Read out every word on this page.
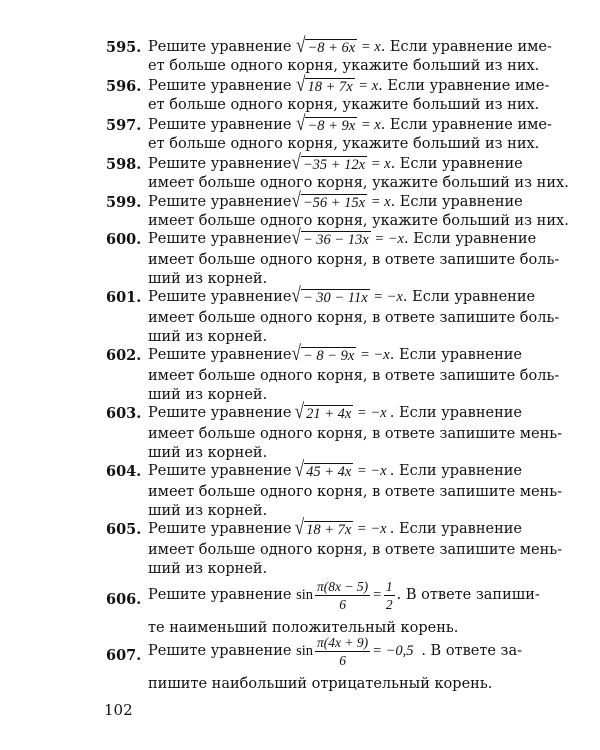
595. Решите уравнение √ −8 + 6x = x. Если уравнение име-
ет больше одного корня, укажите больший из них.
596. Решите уравнение √ 18 + 7x = x. Если уравнение име-
ет больше одного корня, укажите больший из них.
597. Решите уравнение √ −8 + 9x = x. Если уравнение име-
ет больше одного корня, укажите больший из них.
598. Решите уравнение √ −35 + 12x = x . Если уравнение
имеет больше одного корня, укажите больший из них.
599. Решите уравнение √ −56 + 15x = x . Если уравнение
имеет больше одного корня, укажите больший из них.
600. Решите уравнение √ − 36 − 13x = −x . Если уравнение
имеет больше одного корня, в ответе запишите боль-
ший из корней.
601. Решите уравнение √ − 30 − 11x = −x . Если уравнение
имеет больше одного корня, в ответе запишите боль-
ший из корней.
602. Решите уравнение √ − 8 − 9x = −x . Если уравнение
имеет больше одного корня, в ответе запишите боль-
ший из корней.
603. Решите уравнение √ 21 + 4x = −x . Если уравнение
имеет больше одного корня, в ответе запишите мень-
ший из корней.
604. Решите уравнение √ 45 + 4x = −x . Если уравнение
имеет больше одного корня, в ответе запишите мень-
ший из корней.
605. Решите уравнение √ 18 + 7x = −x . Если уравнение
имеет больше одного корня, в ответе запишите мень-
ший из корней.
606. Решите уравнение $\sin \frac{\pi(8x - 5)}{6} = \frac{1}{2}$ . В ответе запиши-
те наименьший положительный корень.
607. Решите уравнение $\sin \frac{\pi(4x + 9)}{6} = -0,5$ . В ответе за-
пишите наибольший отрицательный корень.
102
